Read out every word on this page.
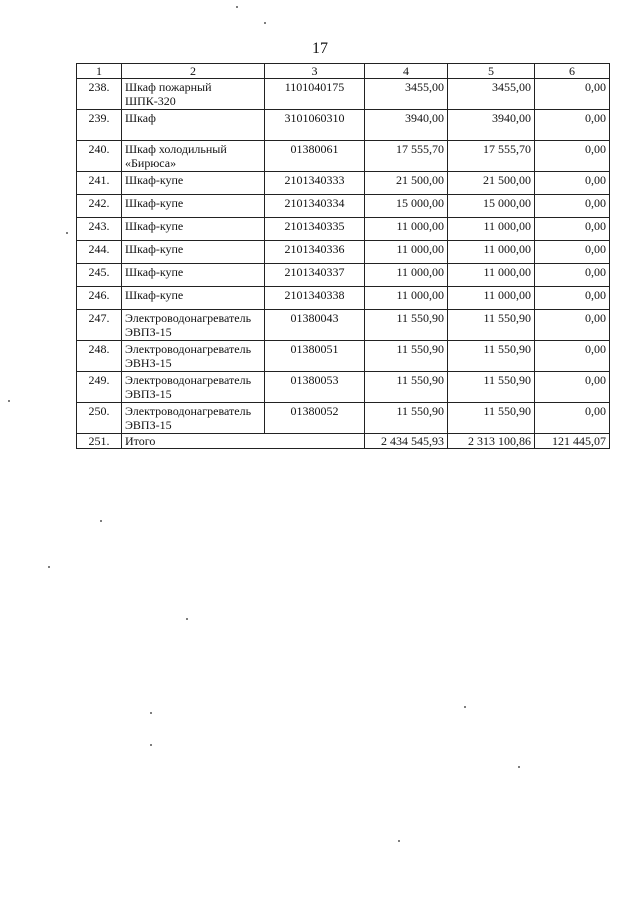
17
1	2	3	4	5	6
238.	Шкаф пожарный ШПК-320	1101040175	3455,00	3455,00	0,00
239.	Шкаф	3101060310	3940,00	3940,00	0,00
240.	Шкаф холодильный «Бирюса»	01380061	17 555,70	17 555,70	0,00
241.	Шкаф-купе	2101340333	21 500,00	21 500,00	0,00
242.	Шкаф-купе	2101340334	15 000,00	15 000,00	0,00
243.	Шкаф-купе	2101340335	11 000,00	11 000,00	0,00
244.	Шкаф-купе	2101340336	11 000,00	11 000,00	0,00
245.	Шкаф-купе	2101340337	11 000,00	11 000,00	0,00
246.	Шкаф-купе	2101340338	11 000,00	11 000,00	0,00
247.	Электроводонагреватель ЭВПЗ-15	01380043	11 550,90	11 550,90	0,00
248.	Электроводонагреватель ЭВНЗ-15	01380051	11 550,90	11 550,90	0,00
249.	Электроводонагреватель ЭВПЗ-15	01380053	11 550,90	11 550,90	0,00
250.	Электроводонагреватель ЭВПЗ-15	01380052	11 550,90	11 550,90	0,00
251.	Итого		2 434 545,93	2 313 100,86	121 445,07
